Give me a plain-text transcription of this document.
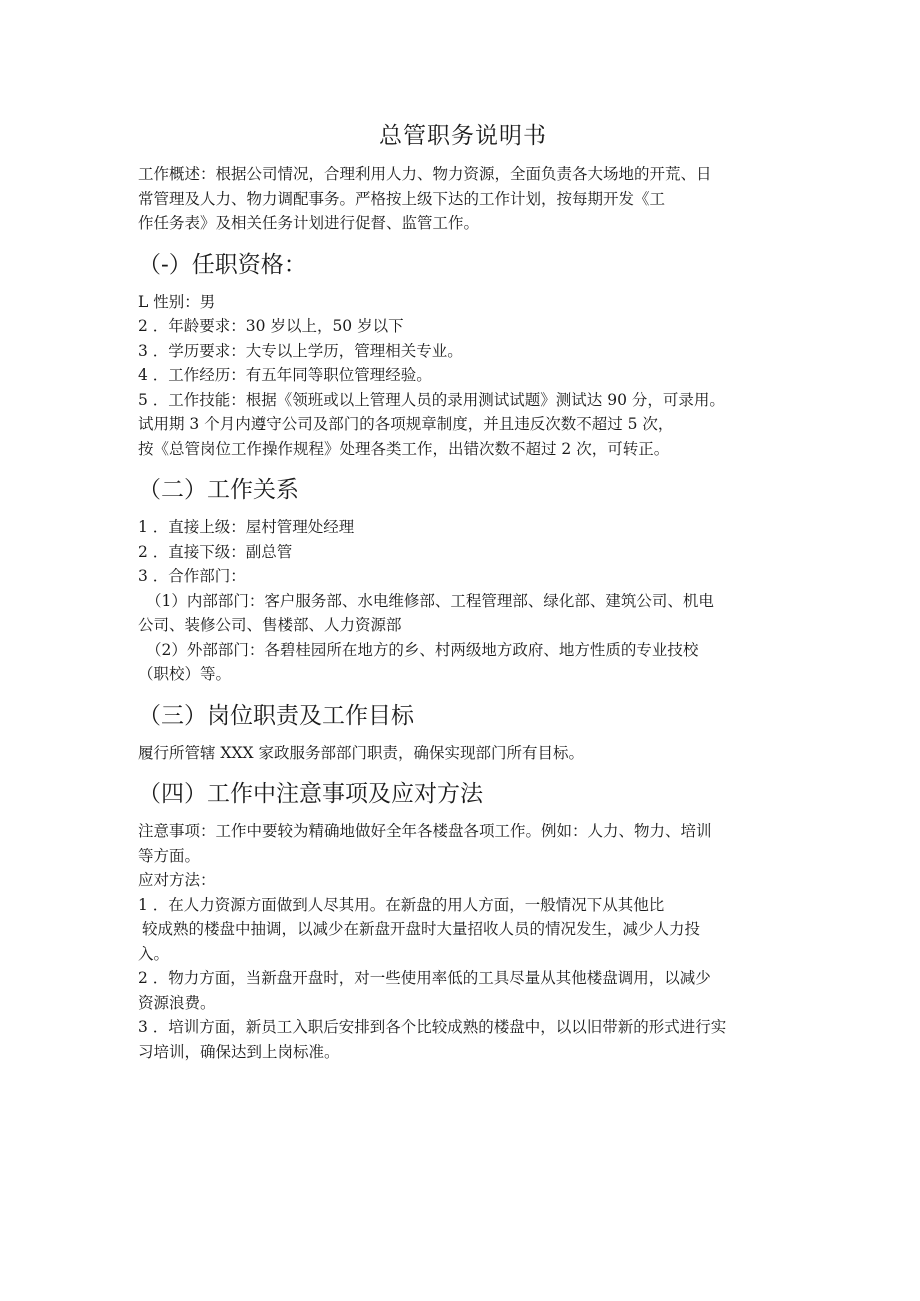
总管职务说明书

工作概述：根据公司情况，合理利用人力、物力资源，全面负责各大场地的开荒、日

常管理及人力、物力调配事务。严格按上级下达的工作计划，按每期开发《工

作任务表》及相关任务计划进行促督、监管工作。

（-）任职资格：

L 性别：男

2 ．年龄要求：30 岁以上，50 岁以下

3 ．学历要求：大专以上学历，管理相关专业。

4 ．工作经历：有五年同等职位管理经验。

5 ．工作技能：根据《领班或以上管理人员的录用测试试题》测试达 90 分，可录用。

试用期 3 个月内遵守公司及部门的各项规章制度，并且违反次数不超过 5 次，

按《总管岗位工作操作规程》处理各类工作，出错次数不超过 2 次，可转正。

（二）工作关系

1 ．直接上级：屋村管理处经理

2 ．直接下级：副总管

3 ．合作部门：

（1）内部部门：客户服务部、水电维修部、工程管理部、绿化部、建筑公司、机电

公司、装修公司、售楼部、人力资源部

（2）外部部门：各碧桂园所在地方的乡、村两级地方政府、地方性质的专业技校

（职校）等。

（三）岗位职责及工作目标

履行所管辖 XXX 家政服务部部门职责，确保实现部门所有目标。

（四）工作中注意事项及应对方法

注意事项：工作中要较为精确地做好全年各楼盘各项工作。例如：人力、物力、培训

等方面。

应对方法：

1 ．在人力资源方面做到人尽其用。在新盘的用人方面，一般情况下从其他比

较成熟的楼盘中抽调，以减少在新盘开盘时大量招收人员的情况发生，减少人力投

入。

2 ．物力方面，当新盘开盘时，对一些使用率低的工具尽量从其他楼盘调用，以减少

资源浪费。

3 ．培训方面，新员工入职后安排到各个比较成熟的楼盘中，以以旧带新的形式进行实

习培训，确保达到上岗标准。
